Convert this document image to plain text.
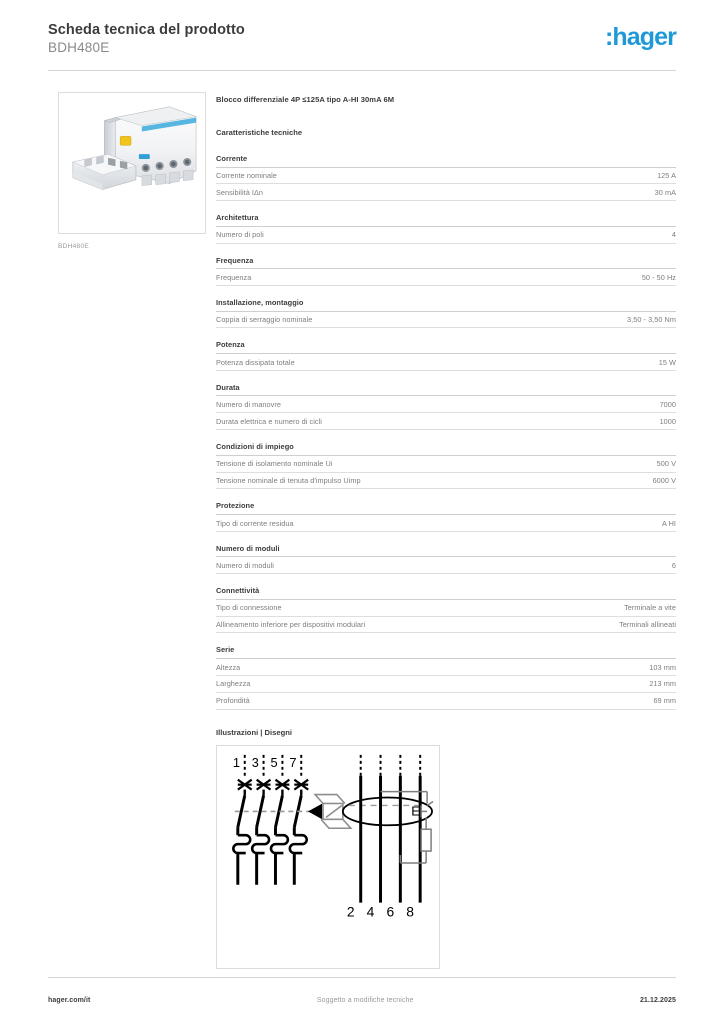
Scheda tecnica del prodotto
BDH480E	:hager
BDH480E
Blocco differenziale 4P ≤125A tipo A-HI 30mA 6M
Caratteristiche tecniche
Corrente
Corrente nominale	125 A
Sensibilità IΔn	30 mA
Architettura
Numero di poli	4
Frequenza
Frequenza	50 - 50 Hz
Installazione, montaggio
Coppia di serraggio nominale	3,50 - 3,50 Nm
Potenza
Potenza dissipata totale	15 W
Durata
Numero di manovre	7000
Durata elettrica e numero di cicli	1000
Condizioni di impiego
Tensione di isolamento nominale Ui	500 V
Tensione nominale di tenuta d'impulso Uimp	6000 V
Protezione
Tipo di corrente residua	A HI
Numero di moduli
Numero di moduli	6
Connettività
Tipo di connessione	Terminale a vite
Allineamento inferiore per dispositivi modulari	Terminali allineati
Serie
Altezza	103 mm
Larghezza	213 mm
Profondità	69 mm
Illustrazioni | Disegni
1 3 5 7
2 4 6 8
E
hager.com/it	Soggetto a modifiche tecniche	21.12.2025
